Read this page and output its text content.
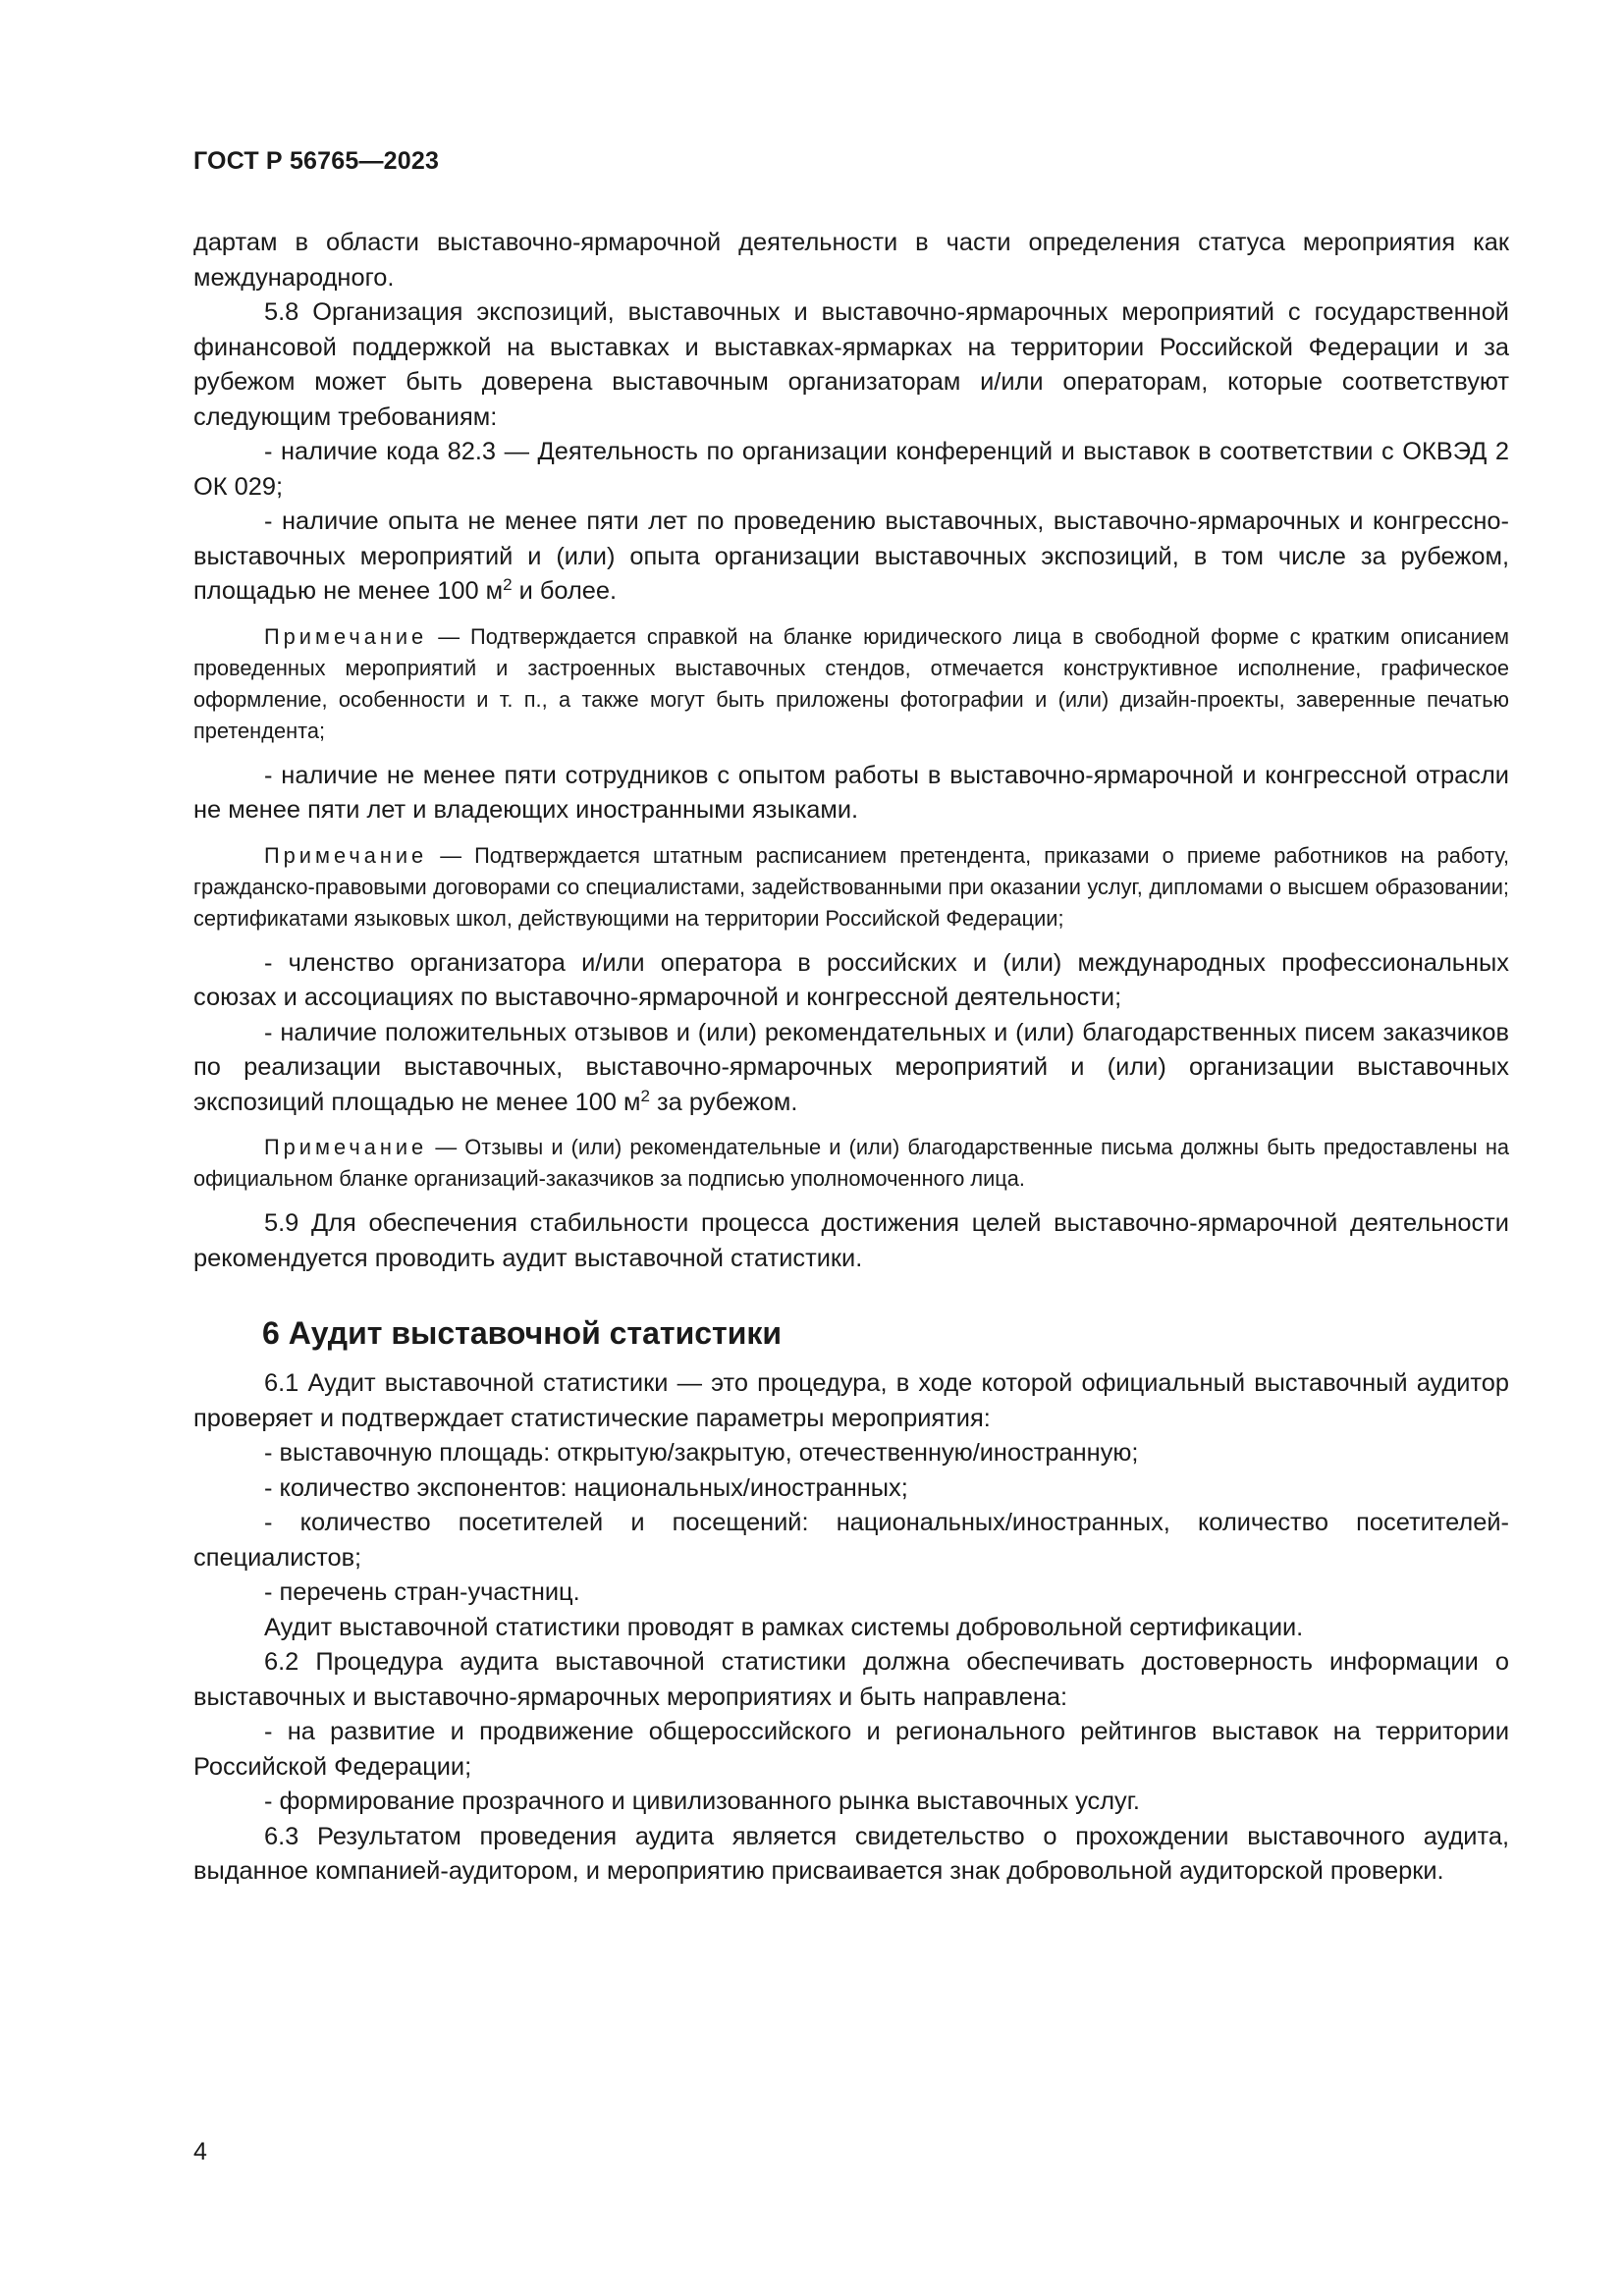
ГОСТ Р 56765—2023

дартам в области выставочно-ярмарочной деятельности в части определения статуса мероприятия как международного.

5.8 Организация экспозиций, выставочных и выставочно-ярмарочных мероприятий с государственной финансовой поддержкой на выставках и выставках-ярмарках на территории Российской Федерации и за рубежом может быть доверена выставочным организаторам и/или операторам, которые соответствуют следующим требованиям:

- наличие кода 82.3 — Деятельность по организации конференций и выставок в соответствии с ОКВЭД 2 ОК 029;

- наличие опыта не менее пяти лет по проведению выставочных, выставочно-ярмарочных и конгрессно-выставочных мероприятий и (или) опыта организации выставочных экспозиций, в том числе за рубежом, площадью не менее 100 $м^2$ и более.

Примечание — Подтверждается справкой на бланке юридического лица в свободной форме с кратким описанием проведенных мероприятий и застроенных выставочных стендов, отмечается конструктивное исполнение, графическое оформление, особенности и т. п., а также могут быть приложены фотографии и (или) дизайн-проекты, заверенные печатью претендента;

- наличие не менее пяти сотрудников с опытом работы в выставочно-ярмарочной и конгрессной отрасли не менее пяти лет и владеющих иностранными языками.

Примечание — Подтверждается штатным расписанием претендента, приказами о приеме работников на работу, гражданско-правовыми договорами со специалистами, задействованными при оказании услуг, дипломами о высшем образовании; сертификатами языковых школ, действующими на территории Российской Федерации;

- членство организатора и/или оператора в российских и (или) международных профессиональных союзах и ассоциациях по выставочно-ярмарочной и конгрессной деятельности;

- наличие положительных отзывов и (или) рекомендательных и (или) благодарственных писем заказчиков по реализации выставочных, выставочно-ярмарочных мероприятий и (или) организации выставочных экспозиций площадью не менее 100 $м^2$ за рубежом.

Примечание — Отзывы и (или) рекомендательные и (или) благодарственные письма должны быть предоставлены на официальном бланке организаций-заказчиков за подписью уполномоченного лица.

5.9 Для обеспечения стабильности процесса достижения целей выставочно-ярмарочной деятельности рекомендуется проводить аудит выставочной статистики.

6 Аудит выставочной статистики

6.1 Аудит выставочной статистики — это процедура, в ходе которой официальный выставочный аудитор проверяет и подтверждает статистические параметры мероприятия:

- выставочную площадь: открытую/закрытую, отечественную/иностранную;

- количество экспонентов: национальных/иностранных;

- количество посетителей и посещений: национальных/иностранных, количество посетителей-специалистов;

- перечень стран-участниц.

Аудит выставочной статистики проводят в рамках системы добровольной сертификации.

6.2 Процедура аудита выставочной статистики должна обеспечивать достоверность информации о выставочных и выставочно-ярмарочных мероприятиях и быть направлена:

- на развитие и продвижение общероссийского и регионального рейтингов выставок на территории Российской Федерации;

- формирование прозрачного и цивилизованного рынка выставочных услуг.

6.3 Результатом проведения аудита является свидетельство о прохождении выставочного аудита, выданное компанией-аудитором, и мероприятию присваивается знак добровольной аудиторской проверки.

4
